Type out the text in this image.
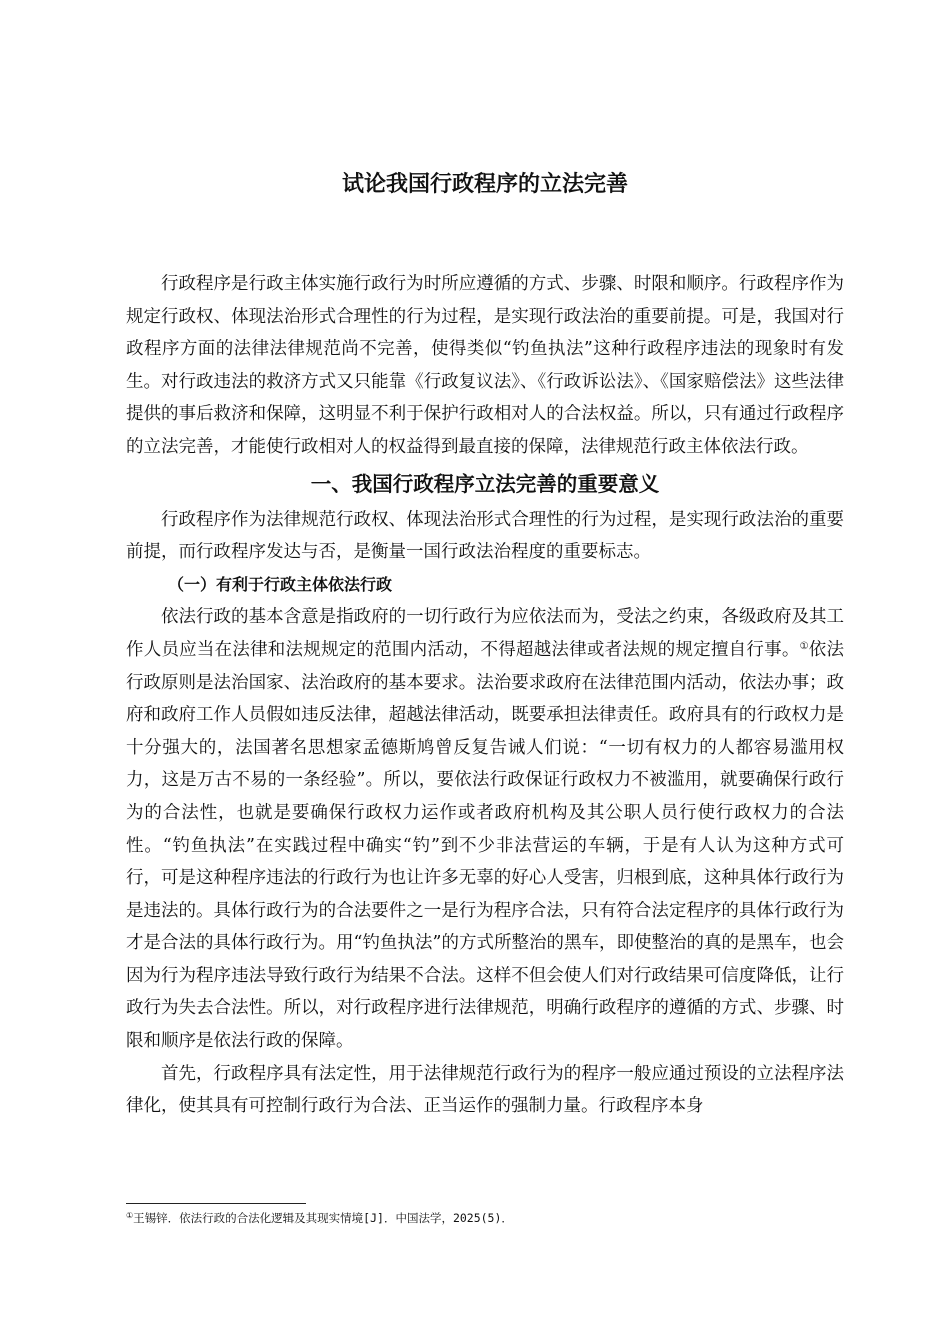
试论我国行政程序的立法完善

行政程序是行政主体实施行政行为时所应遵循的方式、步骤、时限和顺序。行政程序作为规定行政权、体现法治形式合理性的行为过程，是实现行政法治的重要前提。可是，我国对行政程序方面的法律法律规范尚不完善，使得类似“钓鱼执法”这种行政程序违法的现象时有发生。对行政违法的救济方式又只能靠《行政复议法》、《行政诉讼法》、《国家赔偿法》这些法律提供的事后救济和保障，这明显不利于保护行政相对人的合法权益。所以，只有通过行政程序的立法完善，才能使行政相对人的权益得到最直接的保障，法律规范行政主体依法行政。

一、我国行政程序立法完善的重要意义

行政程序作为法律规范行政权、体现法治形式合理性的行为过程，是实现行政法治的重要前提，而行政程序发达与否，是衡量一国行政法治程度的重要标志。

（一）有利于行政主体依法行政

依法行政的基本含意是指政府的一切行政行为应依法而为，受法之约束，各级政府及其工作人员应当在法律和法规规定的范围内活动，不得超越法律或者法规的规定擅自行事。①依法行政原则是法治国家、法治政府的基本要求。法治要求政府在法律范围内活动，依法办事；政府和政府工作人员假如违反法律，超越法律活动，既要承担法律责任。政府具有的行政权力是十分强大的，法国著名思想家孟德斯鸠曾反复告诫人们说：“一切有权力的人都容易滥用权力，这是万古不易的一条经验”。所以，要依法行政保证行政权力不被滥用，就要确保行政行为的合法性，也就是要确保行政权力运作或者政府机构及其公职人员行使行政权力的合法性。“钓鱼执法”在实践过程中确实“钓”到不少非法营运的车辆，于是有人认为这种方式可行，可是这种程序违法的行政行为也让许多无辜的好心人受害，归根到底，这种具体行政行为是违法的。具体行政行为的合法要件之一是行为程序合法，只有符合法定程序的具体行政行为才是合法的具体行政行为。用“钓鱼执法”的方式所整治的黑车，即使整治的真的是黑车，也会因为行为程序违法导致行政行为结果不合法。这样不但会使人们对行政结果可信度降低，让行政行为失去合法性。所以，对行政程序进行法律规范，明确行政程序的遵循的方式、步骤、时限和顺序是依法行政的保障。

首先，行政程序具有法定性，用于法律规范行政行为的程序一般应通过预设的立法程序法律化，使其具有可控制行政行为合法、正当运作的强制力量。行政程序本身

①王锡锌．依法行政的合法化逻辑及其现实情境[J]．中国法学，2025(5)．
